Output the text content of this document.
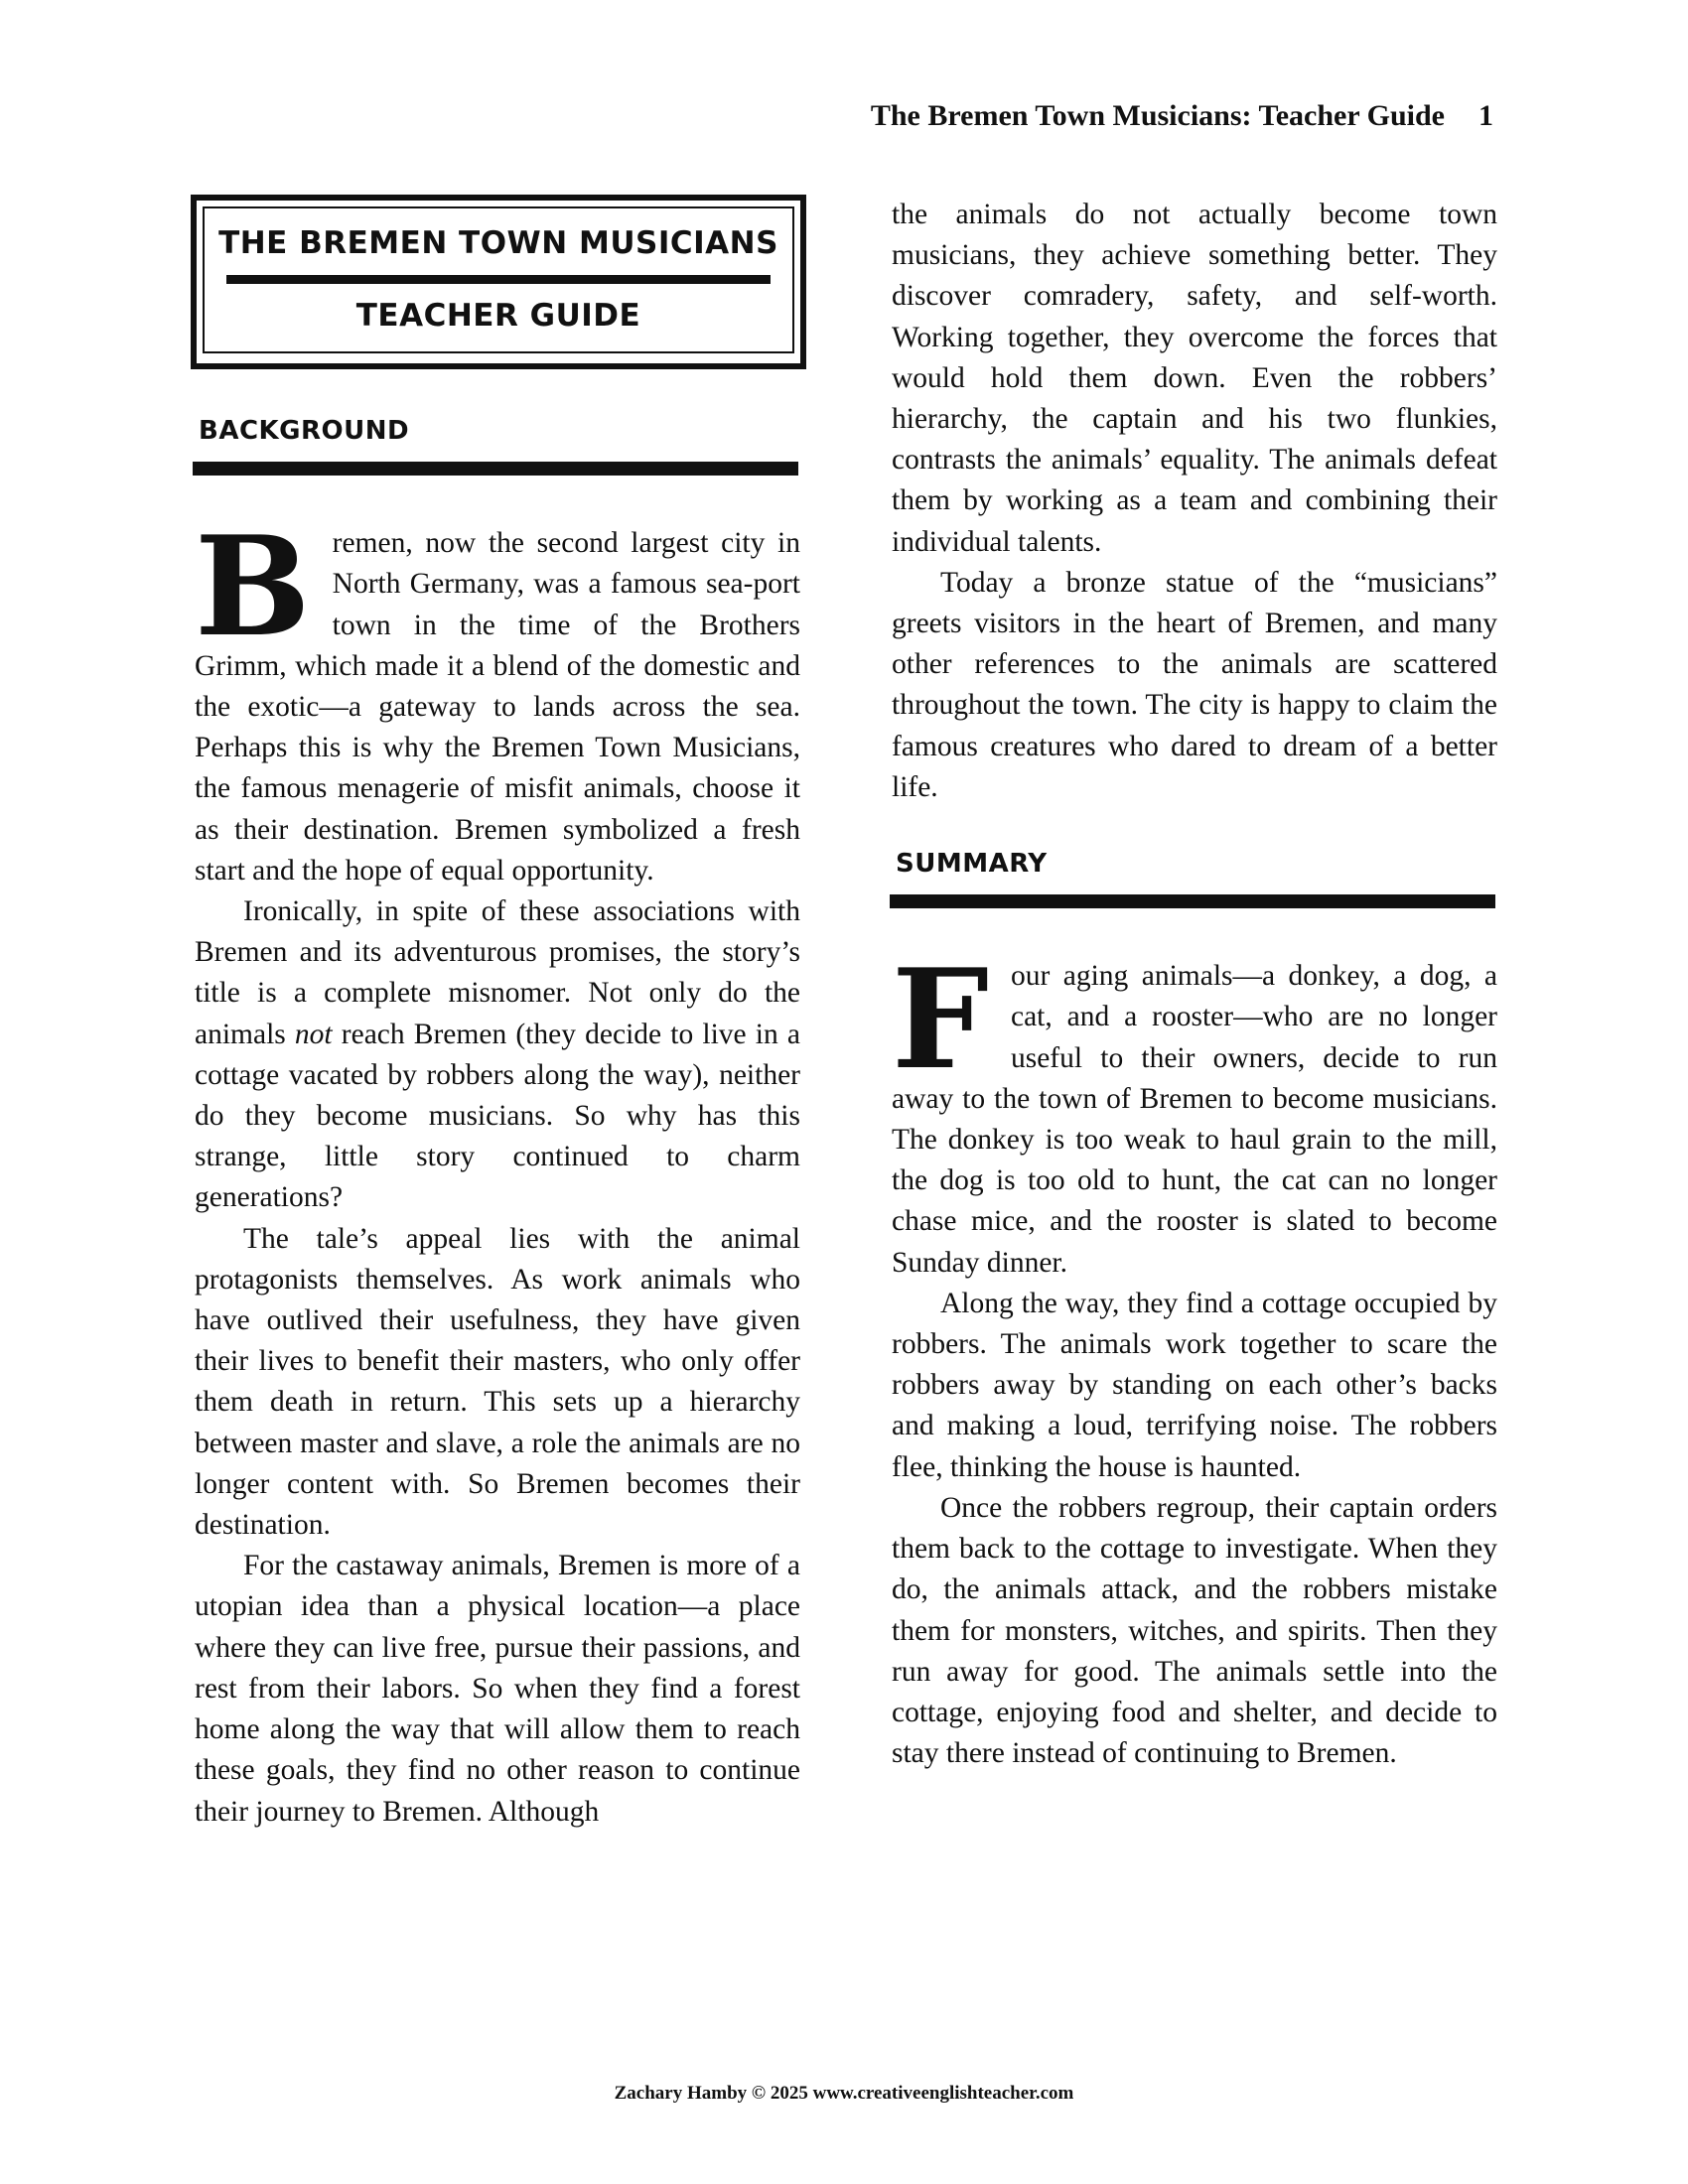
The Bremen Town Musicians: Teacher Guide 1
THE BREMEN TOWN MUSICIANS
TEACHER GUIDE
BACKGROUND

Bremen, now the second largest city in North Germany, was a famous sea-port town in the time of the Brothers Grimm, which made it a blend of the domestic and the exotic—a gateway to lands across the sea. Perhaps this is why the Bremen Town Musicians, the famous menagerie of misfit animals, choose it as their destination. Bremen symbolized a fresh start and the hope of equal opportunity.

Ironically, in spite of these associations with Bremen and its adventurous promises, the story’s title is a complete misnomer. Not only do the animals not reach Bremen (they decide to live in a cottage vacated by robbers along the way), neither do they become musicians. So why has this strange, little story continued to charm generations?

The tale’s appeal lies with the animal protagonists themselves. As work animals who have outlived their usefulness, they have given their lives to benefit their masters, who only offer them death in return. This sets up a hierarchy between master and slave, a role the animals are no longer content with. So Bremen becomes their destination.

For the castaway animals, Bremen is more of a utopian idea than a physical location—a place where they can live free, pursue their passions, and rest from their labors. So when they find a forest home along the way that will allow them to reach these goals, they find no other reason to continue their journey to Bremen. Although

the animals do not actually become town musicians, they achieve something better. They discover comradery, safety, and self-worth. Working together, they overcome the forces that would hold them down. Even the robbers’ hierarchy, the captain and his two flunkies, contrasts the animals’ equality. The animals defeat them by working as a team and combining their individual talents.

Today a bronze statue of the “musicians” greets visitors in the heart of Bremen, and many other references to the animals are scattered throughout the town. The city is happy to claim the famous creatures who dared to dream of a better life.

SUMMARY

Four aging animals—a donkey, a dog, a cat, and a rooster—who are no longer useful to their owners, decide to run away to the town of Bremen to become musicians. The donkey is too weak to haul grain to the mill, the dog is too old to hunt, the cat can no longer chase mice, and the rooster is slated to become Sunday dinner.

Along the way, they find a cottage occupied by robbers. The animals work together to scare the robbers away by standing on each other’s backs and making a loud, terrifying noise. The robbers flee, thinking the house is haunted.

Once the robbers regroup, their captain orders them back to the cottage to investigate. When they do, the animals attack, and the robbers mistake them for monsters, witches, and spirits. Then they run away for good. The animals settle into the cottage, enjoying food and shelter, and decide to stay there instead of continuing to Bremen.

Zachary Hamby © 2025 www.creativeenglishteacher.com
